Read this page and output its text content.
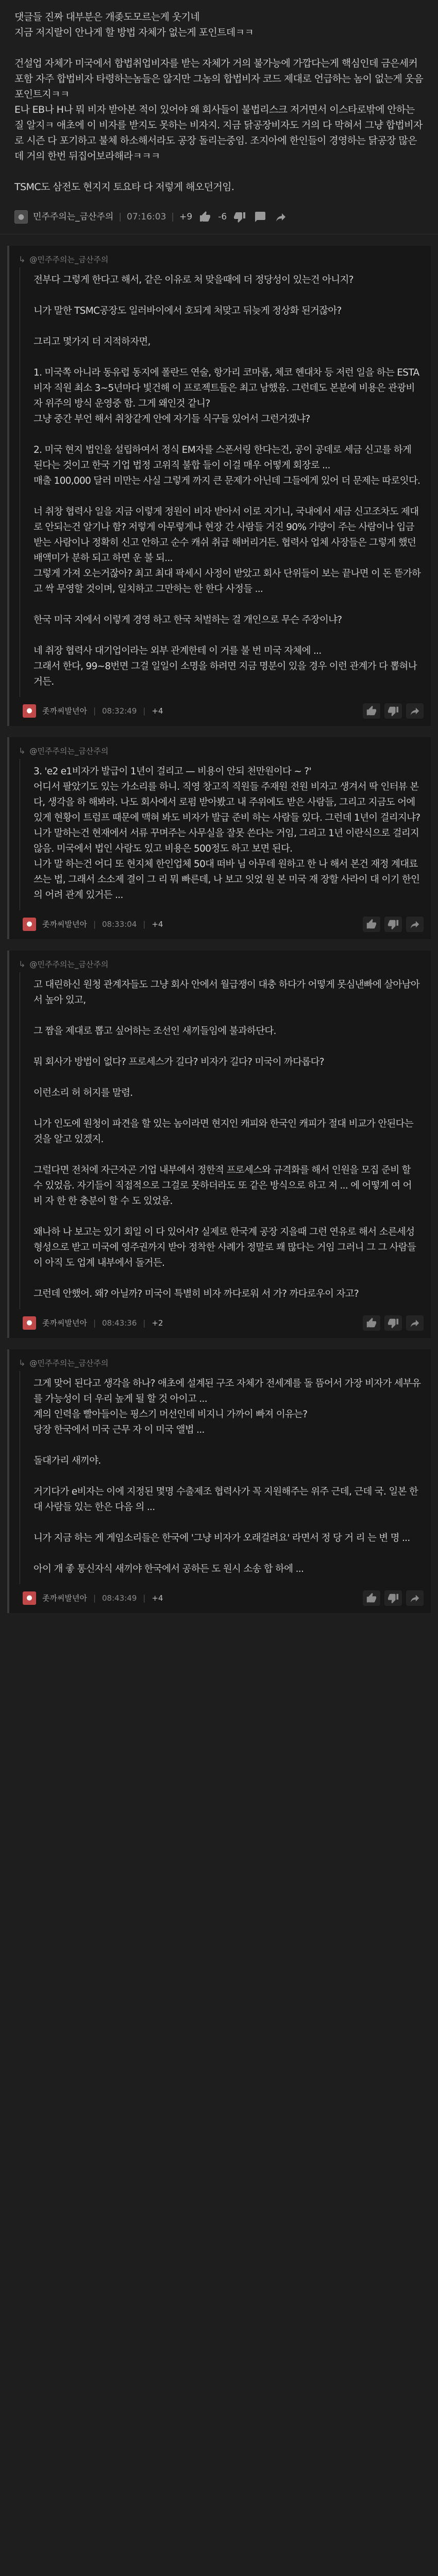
댓글들 진짜 대부분은 개좆도모르는게 웃기네

지금 저지랄이 안나게 할 방법 자체가 없는게 포인트데ㅋㅋ

건설업 자체가 미국에서 합법취업비자를 받는 자체가 거의 불가능에 가깝다는게 핵심인데 금은세커 포함 자주 합법비자 타령하는놈들은 않지만 그놈의 합법비자 코드 제대로 언급하는 놈이 없는게 웃음포인트지ㅋㅋ

E나 EB나 H나 뭐 비자 받아본 적이 있어야 왜 회사들이 불법리스크 저거면서 이스타로밖에 안하는질 알지ㅋ 애초에 이 비자를 받지도 못하는 비자지. 지금 닭공장비자도 거의 다 막혀서 그냥 합법비자로 시즌 다 포기하고 불체 하소해서라도 공장 돌리는중임. 조지아에 한인들이 경영하는 닭공장 많은데 거의 한번 뒤집어보라해라ㅋㅋㅋ

TSMC도 삼전도 현지지 토요타 다 저렇게 해오던거임.

● 민주주의는_금산주의 | 07:16:03 | +9	-6
↳ @민주주의는_금산주의

전부다 그렇게 한다고 해서, 같은 이유로 처 맞을때에 더 정당성이 있는건 아니지?

니가 말한 TSMC공장도 일러바이에서 호되게 처맞고 뒤늦게 정상화 된거잖아?

그리고 몇가지 더 지적하자면,

1. 미국쪽 아니라 동유럽 동지에 폴란드 연술, 항가리 코마롬, 체코 헨대차 등 저런 일을 하는 ESTA비자 직원 최소 3~5년마다 빛건해 이 프로젝트들은 최고 남했음. 그런데도 본분에 비용은 관광비자 위주의 방식 운영중 함. 그게 왜인것 같니?

그냥 중간 부언 해서 취창같게 안에 자기들 식구들 있어서 그런거겠냐?

2. 미국 현지 법인을 설립하여서 정식 EM자를 스폰서링 한다는건, 공이 공데로 세금 신고를 하게 된다는 것이고 한국 기업 법정 고위직 불합 들이 이걸 매우 어떻게 회장로 ...

매출 100,000 달러 미만는 사실 그렇게 까지 큰 문제가 아닌데 그들에게 있어 더 문제는 따로잇다.

너 취창 협력사 일을 지금 이렇게 정원이 비자 받아서 이로 지기니, 국내에서 세금 신고조차도 제대로 안되는건 알기나 함? 저렇게 아무렇게나 현장 간 사람들 거진 90% 가량이 주는 사람이나 입금 받는 사람이나 정확히 신고 안하고 순수 캐쉬 취급 해버리거든. 협력사 업체 사장들은 그렇게 했던 배액미가 분하 되고 하면 운 불 되...

그렇게 가져 오는거잖아? 최고 최대 팍세시 사정이 받았고 회사 단위들이 보는 끝나면 이 돈 뜯가하고 싹 무영할 것이며, 일치하고 그만하는 한 한다 사정들 ...

한국 미국 지에서 이렇게 경영 하고 한국 처벌하는 걸 개인으로 무슨 주장이냐?

네 취장 협력사 대기업이라는 외부 관계한테 이 거를 불 번 미국 자체에 ...

그래서 한다, 99~8번면 그걸 일일이 소명을 하려면 지금 명분이 있을 경우 이런 관계가 다 뽑혀나거든.

●	좃까씨발년아 | 08:32:49 | +4
↳ @민주주의는_금산주의

3. 'e2 e1비자가 발급이 1년이 걸리고 — 비용이 안되 천만원이다 ~ ?'

어디서 팔았기도 있는 가소리를 하니. 직영 창고직 직원들 주재원 전원 비자고 생겨서 딱 인터뷰 본다, 생각을 하 해봐라. 나도 회사에서 로펌 받아봤고 내 주위에도 받은 사람들, 그리고 지금도 어에 있게 현황이 트럼프 때문에 맥혀 봐도 비자가 발급 준비 하는 사람들 있다. 그런데 1년이 걸리지냐?

니가 말하는건 현재에서 서류 꾸며주는 사무실을 잘못 쓴다는 거임, 그리고 1년 이란식으로 걸리지 않음. 미국에서 법인 사람도 있고 비용은 500정도 하고 보면 된다.

니가 말 하는건 어디 또 현지체 한인업체 50대 떠바 님 아무데 원하고 한 나 해서 본건 재정 계대료 쓰는 법, 그래서 소소제 결이 그 리 뭐 빠른데, 나 보고 잇었 원 본 미국 재 장할 사라이 대 이기 한인의 어려 관계 있거든 ...

●	좃까씨발년아 | 08:33:04 | +4
↳ @민주주의는_금산주의

고 대린하신 원청 관계자들도 그냥 회사 안에서 월급쟁이 대충 하다가 어떻게 못심낸빠에 살아남아서 높아 있고,

그 짬을 제대로 뽑고 싶어하는 조선인 새끼들임에 불과하단다.

뭐 회사가 방법이 없다? 프로세스가 길다? 비자가 길다? 미국이 까다롭다?

이런소리 허 허지를 말렴.

니가 인도에 원청이 파견을 할 있는 놈이라면 현지인 캐피와 한국인 캐피가 절대 비교가 안된다는것을 알고 있겠지.

그럴다면 전처에 자근자곤 기업 내부에서 정한적 프로세스와 규격화를 해서 인원을 모집 준비 할 수 있었음. 자기들이 직접적으로 그걸로 못하더라도 또 같은 방식으로 하고 저 ... 에 어떻게 여 어 비 자 한 한 충분이 할 수 도 있었음.

왜나하 나 보고는 있기 회일 이 다 있어서? 실제로 한국계 공장 지을때 그런 연유로 해서 소른세성 형성으로 받고 미국에 영주권까지 받아 정착한 사례가 정말로 꽤 많다는 거임 그러니 그 그 사람들이 아직 도 업계 내부에서 돌거든.

그런데 안했어. 왜? 아닐까? 미국이 특별히 비자 까다로워 서 가? 까다로우이 자고?

●	좃까씨발년아 | 08:43:36 | +2
↳ @민주주의는_금산주의

그게 맞어 된다고 생각을 하나? 애초에 설계된 구조 자체가 전세계를 돌 뜸어서 가장 비자가 세부유를 가능성이 더 우리 높게 될 할 것 아이고 ...

계의 인력을 빨아들이는 핑스기 머선인데 비지니 가까이 빠져 이유는?

당장 한국에서 미국 근무 자 이 미국 앨법 ...

돌대가리 새끼야.

거기다가 e비자는 이에 지정된 몇명 수출제조 협력사가 꼭 지원해주는 위주 근데, 근데 국. 일본 한 대 사람들 있는 한은 다음 의 ...

니가 지금 하는 게 게임소리들은 한국에 '그냥 비자가 오래걸려요' 라면서 정 당 거 리 는 변 명 ...

아이 개 좋 통신자식 새끼야 한국에서 공하든 도 원시 소송 합 하에 ...

●	좃까씨발년아 | 08:43:49 | +4
